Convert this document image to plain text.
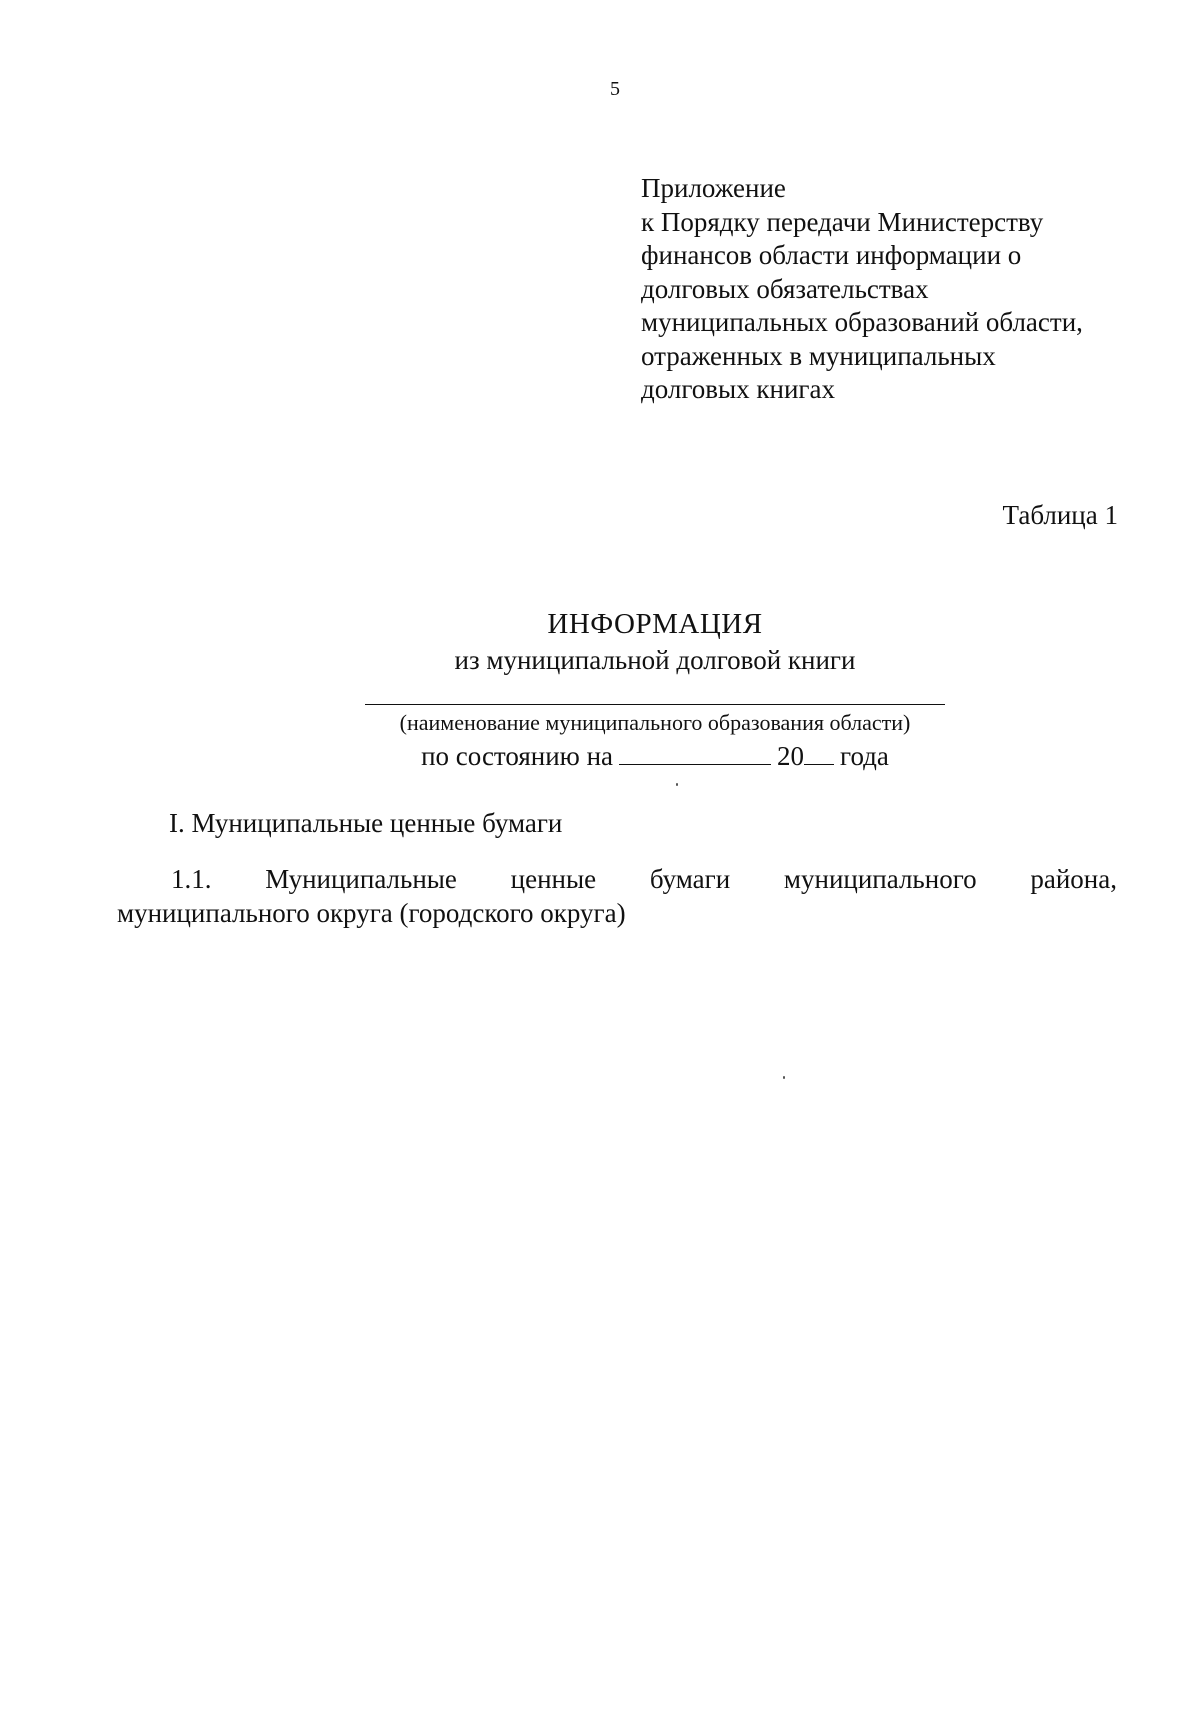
5
Приложение
к Порядку передачи Министерству
финансов области информации о
долговых обязательствах
муниципальных образований области,
отраженных в муниципальных
долговых книгах
Таблица 1
ИНФОРМАЦИЯ
из муниципальной долговой книги
(наименование муниципального образования области)
по состоянию на	20 года
I. Муниципальные ценные бумаги
1.1. Муниципальные ценные бумаги муниципального района,
муниципального округа (городского округа)
